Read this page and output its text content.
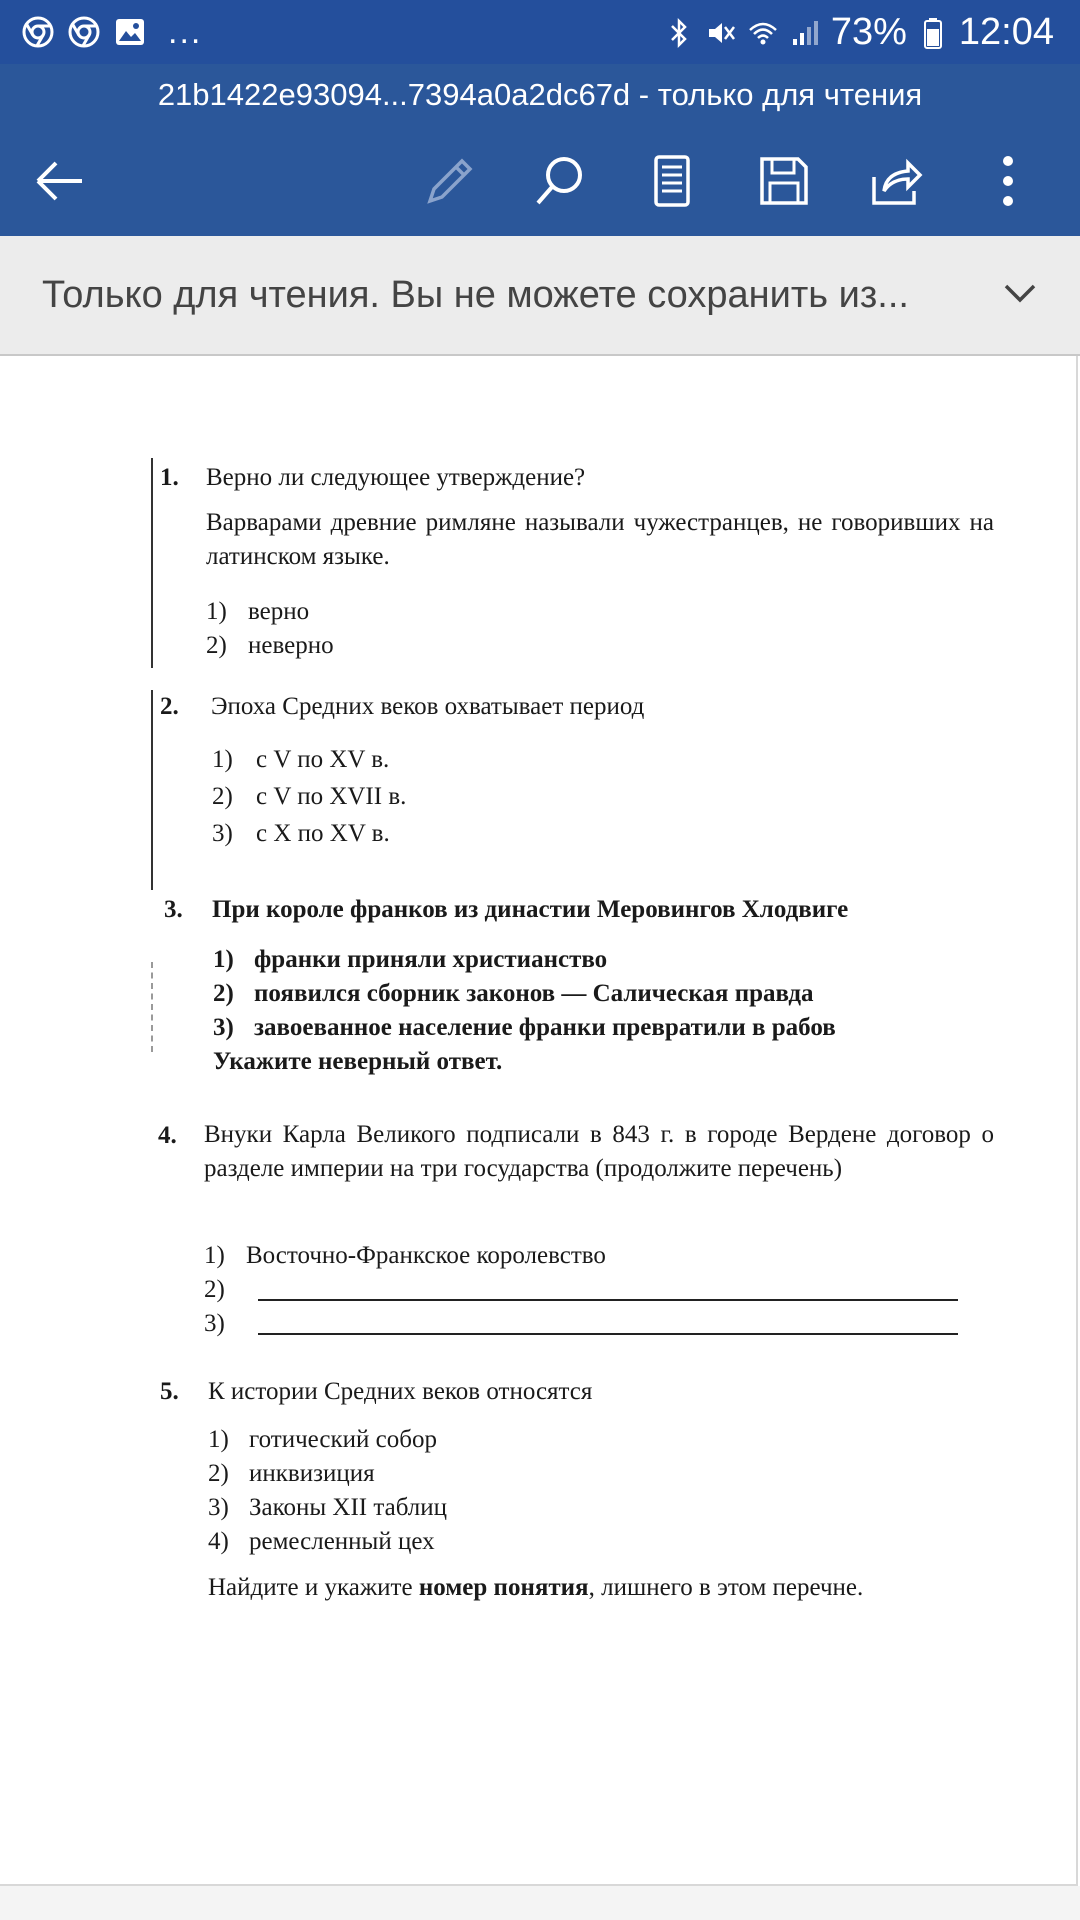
...	73% 12:04
21b1422e93094...7394a0a2dc67d - только для чтения
Только для чтения. Вы не можете сохранить из...
1. Верно ли следующее утверждение?
Варварами древние римляне называли чужестранцев, не говоривших на латинском языке.
1) верно
2) неверно
2. Эпоха Средних веков охватывает период
1) с V по XV в.
2) с V по XVII в.
3) с X по XV в.
3. При короле франков из династии Меровингов Хлодвиге
1) франки приняли христианство
2) появился сборник законов — Салическая правда
3) завоеванное население франки превратили в рабов
Укажите неверный ответ.
4. Внуки Карла Великого подписали в 843 г. в городе Вердене договор о разделе империи на три государства (продолжите перечень)
1) Восточно-Франкское королевство
2)
3)
5. К истории Средних веков относятся
1) готический собор
2) инквизиция
3) Законы XII таблиц
4) ремесленный цех
Найдите и укажите номер понятия, лишнего в этом перечне.
